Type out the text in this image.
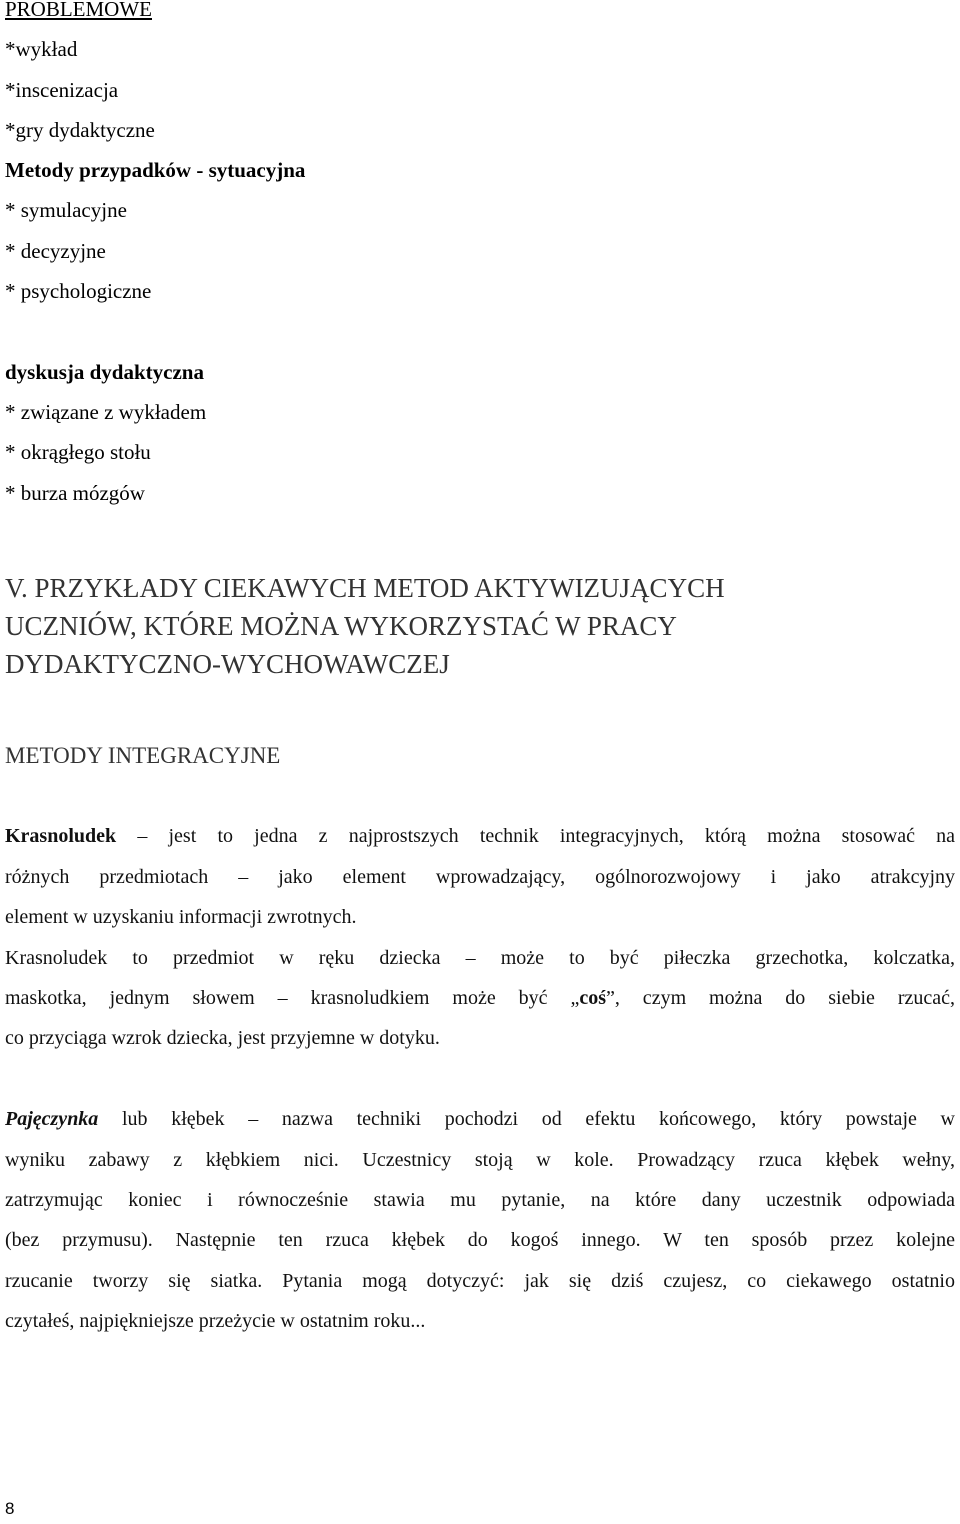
PROBLEMOWE
*wykład
*inscenizacja
*gry dydaktyczne
Metody przypadków - sytuacyjna
* symulacyjne
* decyzyjne
* psychologiczne
dyskusja dydaktyczna
* związane z wykładem
* okrągłego stołu
* burza mózgów
V. PRZYKŁADY CIEKAWYCH METOD AKTYWIZUJĄCYCH
UCZNIÓW, KTÓRE MOŻNA WYKORZYSTAĆ W PRACY
DYDAKTYCZNO-WYCHOWAWCZEJ
METODY INTEGRACYJNE
Krasnoludek – jest to jedna z najprostszych technik integracyjnych, którą można stosować na
różnych przedmiotach – jako element wprowadzający, ogólnorozwojowy i jako atrakcyjny
element w uzyskaniu informacji zwrotnych.
Krasnoludek to przedmiot w ręku dziecka – może to być piłeczka grzechotka, kolczatka,
maskotka, jednym słowem – krasnoludkiem może być „coś”, czym można do siebie rzucać,
co przyciąga wzrok dziecka, jest przyjemne w dotyku.
Pajęczynka lub kłębek – nazwa techniki pochodzi od efektu końcowego, który powstaje w
wyniku zabawy z kłębkiem nici. Uczestnicy stoją w kole. Prowadzący rzuca kłębek wełny,
zatrzymując koniec i równocześnie stawia mu pytanie, na które dany uczestnik odpowiada
(bez przymusu). Następnie ten rzuca kłębek do kogoś innego. W ten sposób przez kolejne
rzucanie tworzy się siatka. Pytania mogą dotyczyć: jak się dziś czujesz, co ciekawego ostatnio
czytałeś, najpiękniejsze przeżycie w ostatnim roku...
8
